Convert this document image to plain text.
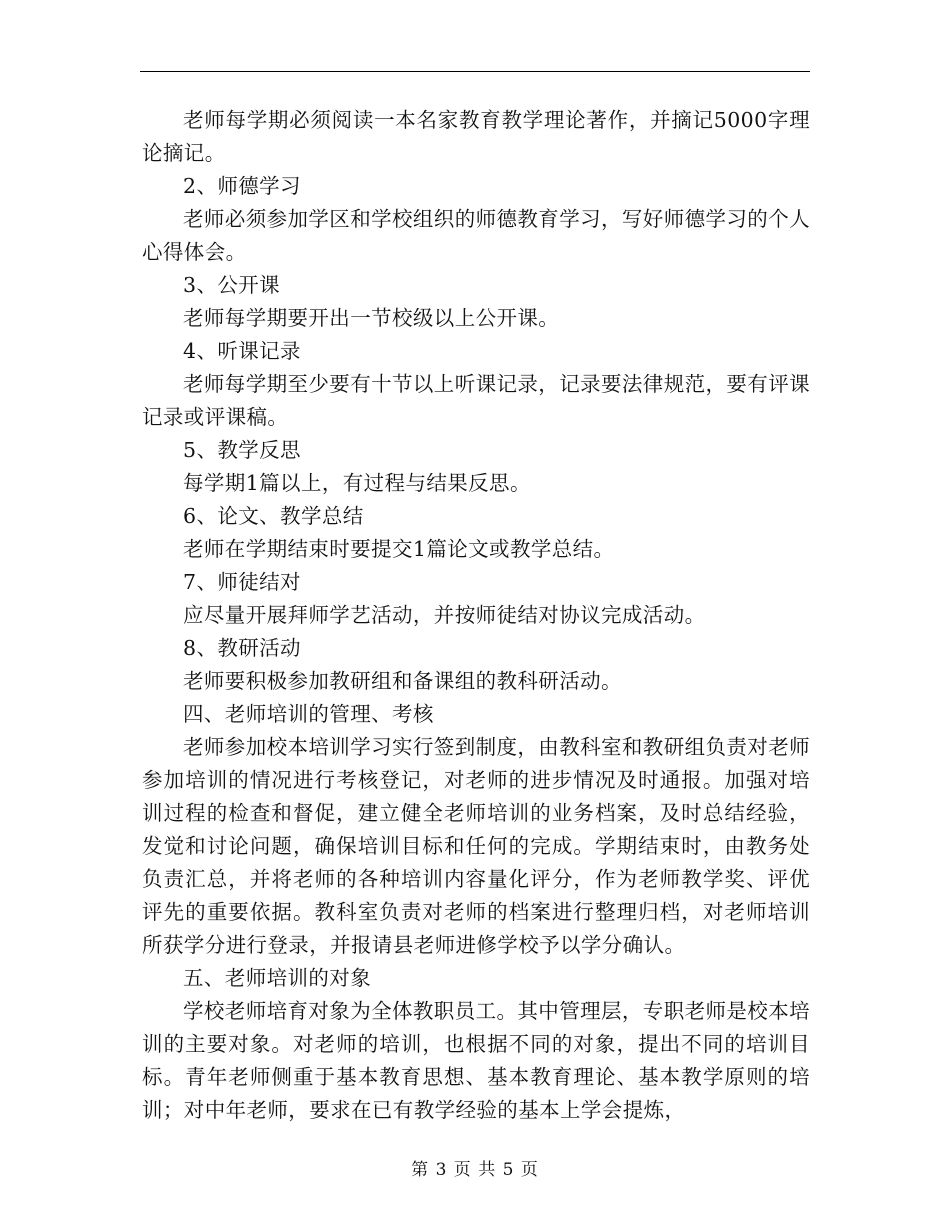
老师每学期必须阅读一本名家教育教学理论著作，并摘记5000字理论摘记。

2、师德学习

老师必须参加学区和学校组织的师德教育学习，写好师德学习的个人心得体会。

3、公开课

老师每学期要开出一节校级以上公开课。

4、听课记录

老师每学期至少要有十节以上听课记录，记录要法律规范，要有评课记录或评课稿。

5、教学反思

每学期1篇以上，有过程与结果反思。

6、论文、教学总结

老师在学期结束时要提交1篇论文或教学总结。

7、师徒结对

应尽量开展拜师学艺活动，并按师徒结对协议完成活动。

8、教研活动

老师要积极参加教研组和备课组的教科研活动。

四、老师培训的管理、考核

老师参加校本培训学习实行签到制度，由教科室和教研组负责对老师参加培训的情况进行考核登记，对老师的进步情况及时通报。加强对培训过程的检查和督促，建立健全老师培训的业务档案，及时总结经验，发觉和讨论问题，确保培训目标和任何的完成。学期结束时，由教务处负责汇总，并将老师的各种培训内容量化评分，作为老师教学奖、评优评先的重要依据。教科室负责对老师的档案进行整理归档，对老师培训所获学分进行登录，并报请县老师进修学校予以学分确认。

五、老师培训的对象

学校老师培育对象为全体教职员工。其中管理层，专职老师是校本培训的主要对象。对老师的培训，也根据不同的对象，提出不同的培训目标。青年老师侧重于基本教育思想、基本教育理论、基本教学原则的培训；对中年老师，要求在已有教学经验的基本上学会提炼，

第 3 页 共 5 页
